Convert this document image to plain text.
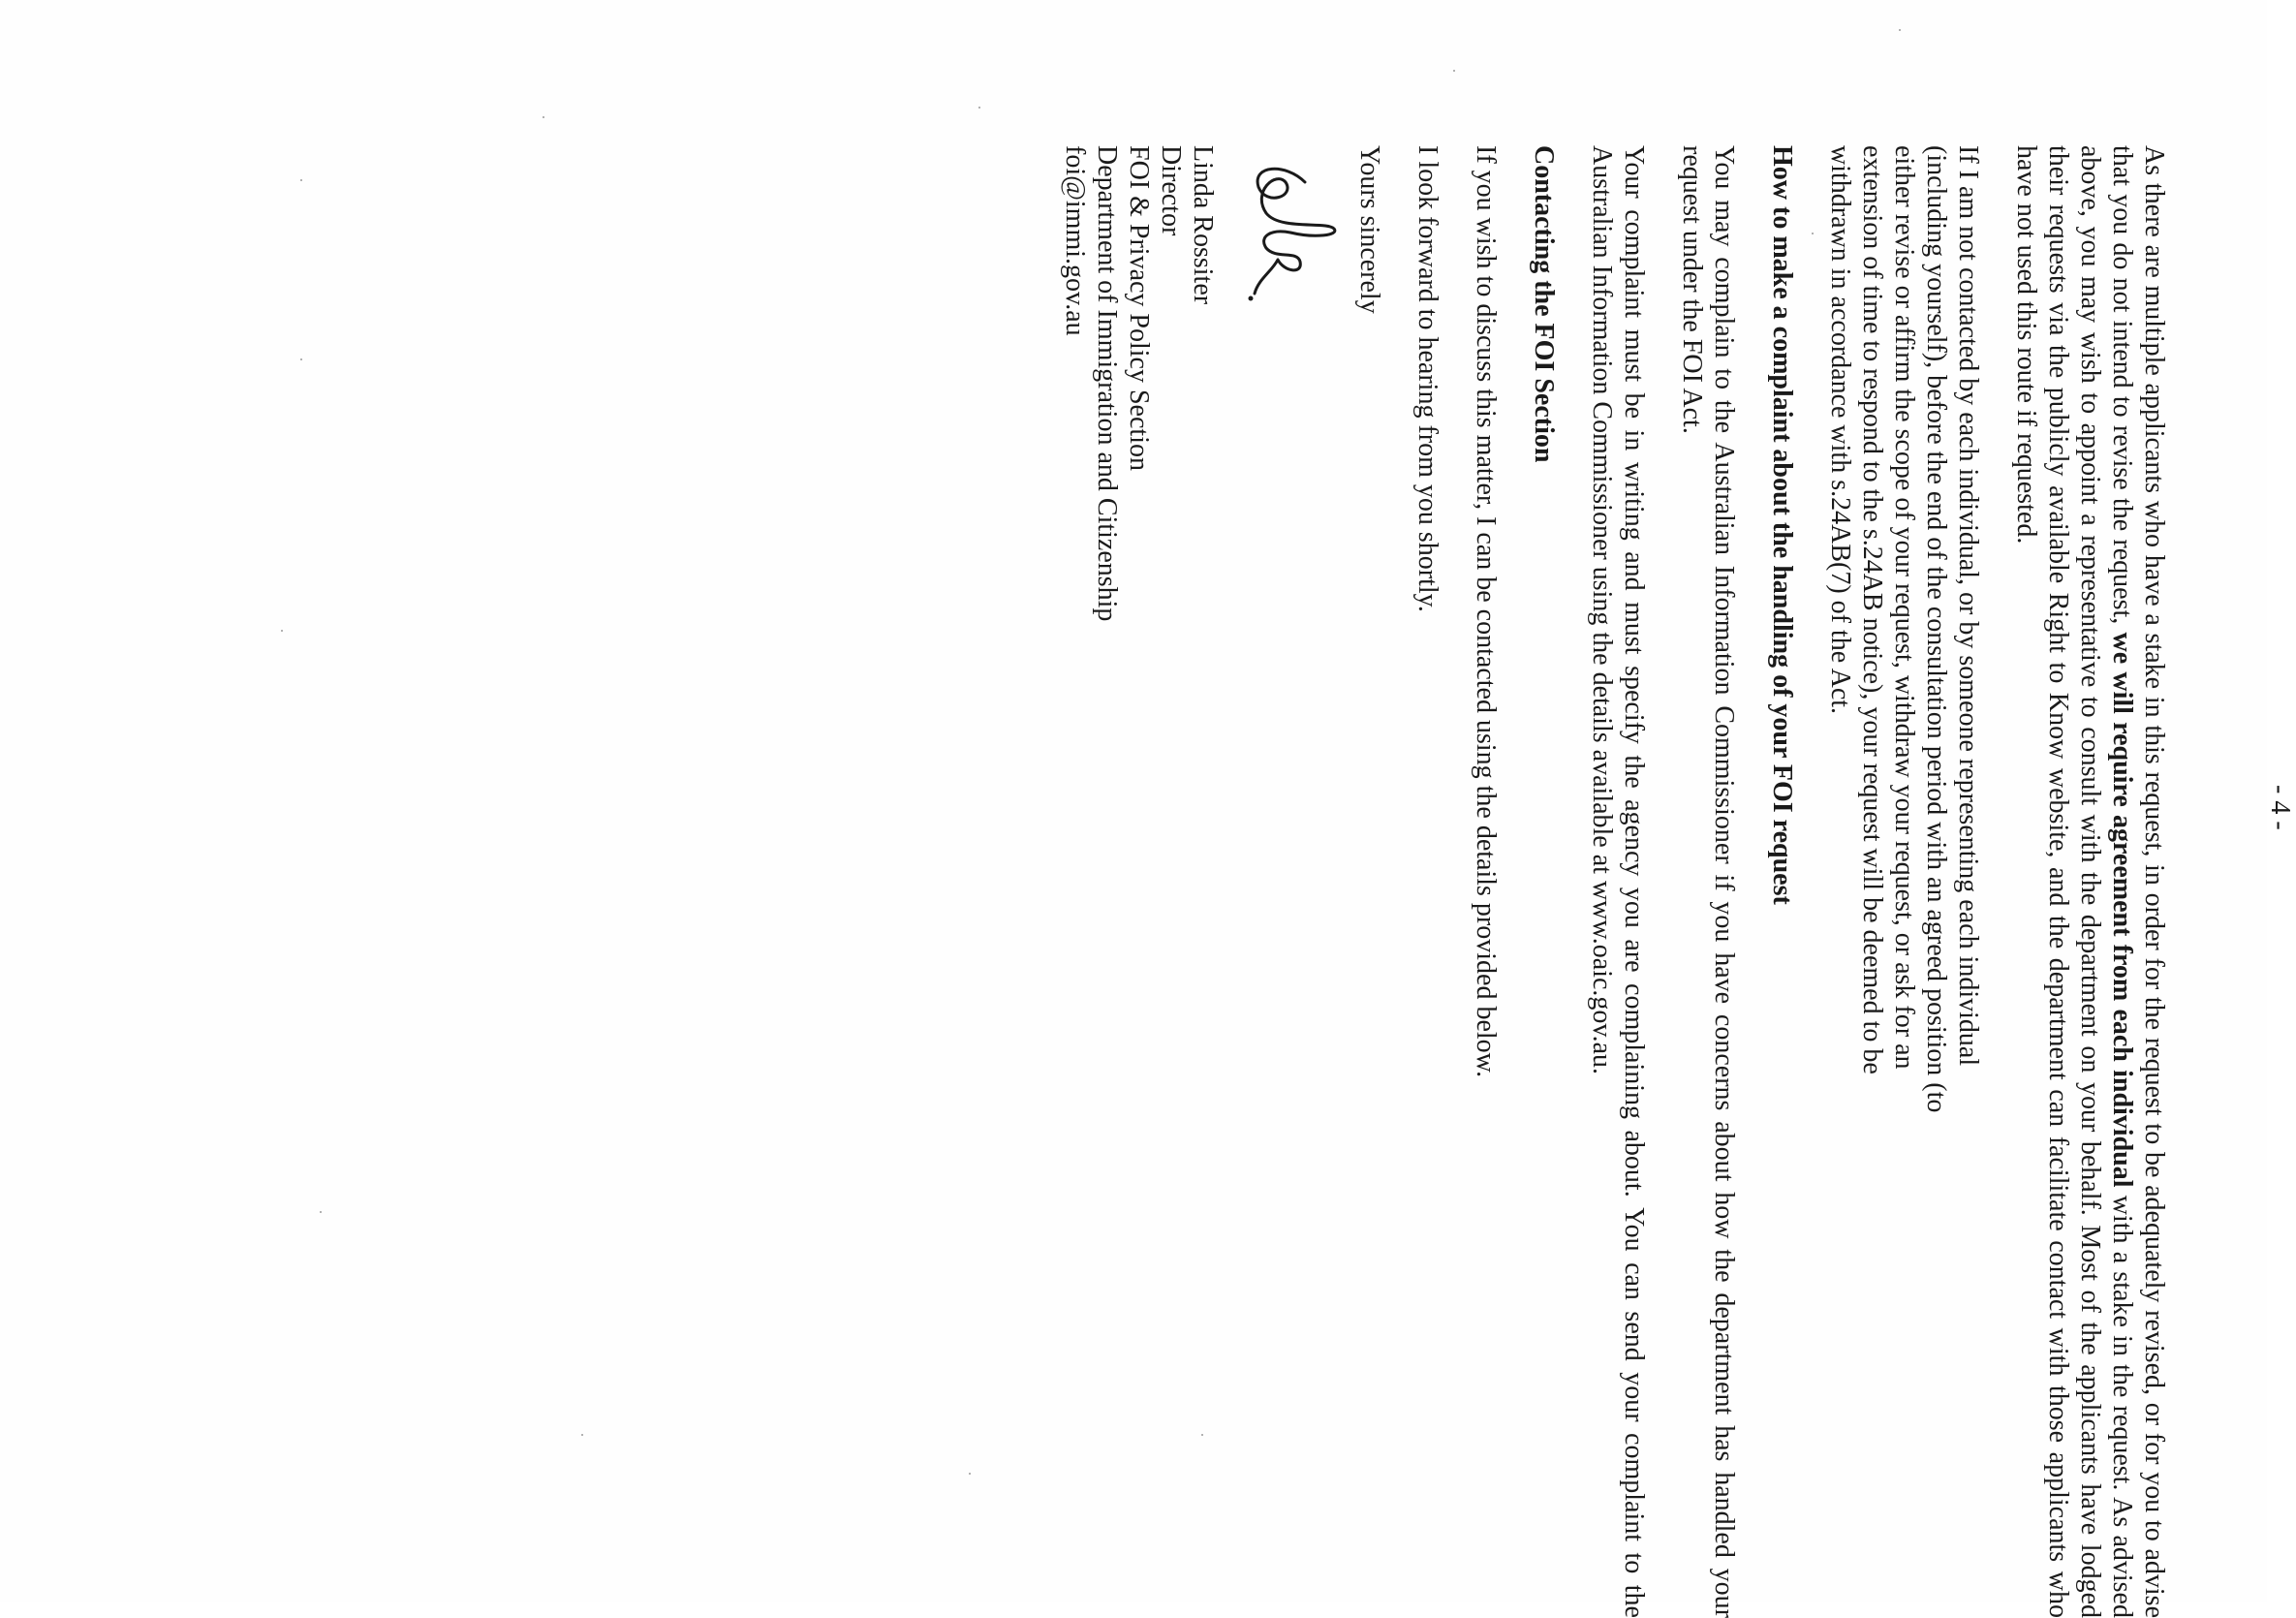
- 4 -

As there are multiple applicants who have a stake in this request, in order for the request to be adequately revised, or for you to advise that you do not intend to revise the request, we will require agreement from each individual with a stake in the request. As advised above, you may wish to appoint a representative to consult with the department on your behalf. Most of the applicants have lodged their requests via the publicly available Right to Know website, and the department can facilitate contact with those applicants who have not used this route if requested.

If I am not contacted by each individual, or by someone representing each individual
(including yourself), before the end of the consultation period with an agreed position (to
either revise or affirm the scope of your request, withdraw your request, or ask for an
extension of time to respond to the s.24AB notice), your request will be deemed to be
withdrawn in accordance with s.24AB(7) of the Act.

How to make a complaint about the handling of your FOI request

You may complain to the Australian Information Commissioner if you have concerns about how the department has handled your request under the FOI Act.

Your complaint must be in writing and must specify the agency you are complaining about. You can send your complaint to the Australian Information Commissioner using the details available at www.oaic.gov.au.

Contacting the FOI Section

If you wish to discuss this matter, I can be contacted using the details provided below.

I look forward to hearing from you shortly.

Yours sincerely

Linda Rossiter
Director
FOI & Privacy Policy Section
Department of Immigration and Citizenship
foi@immi.gov.au
